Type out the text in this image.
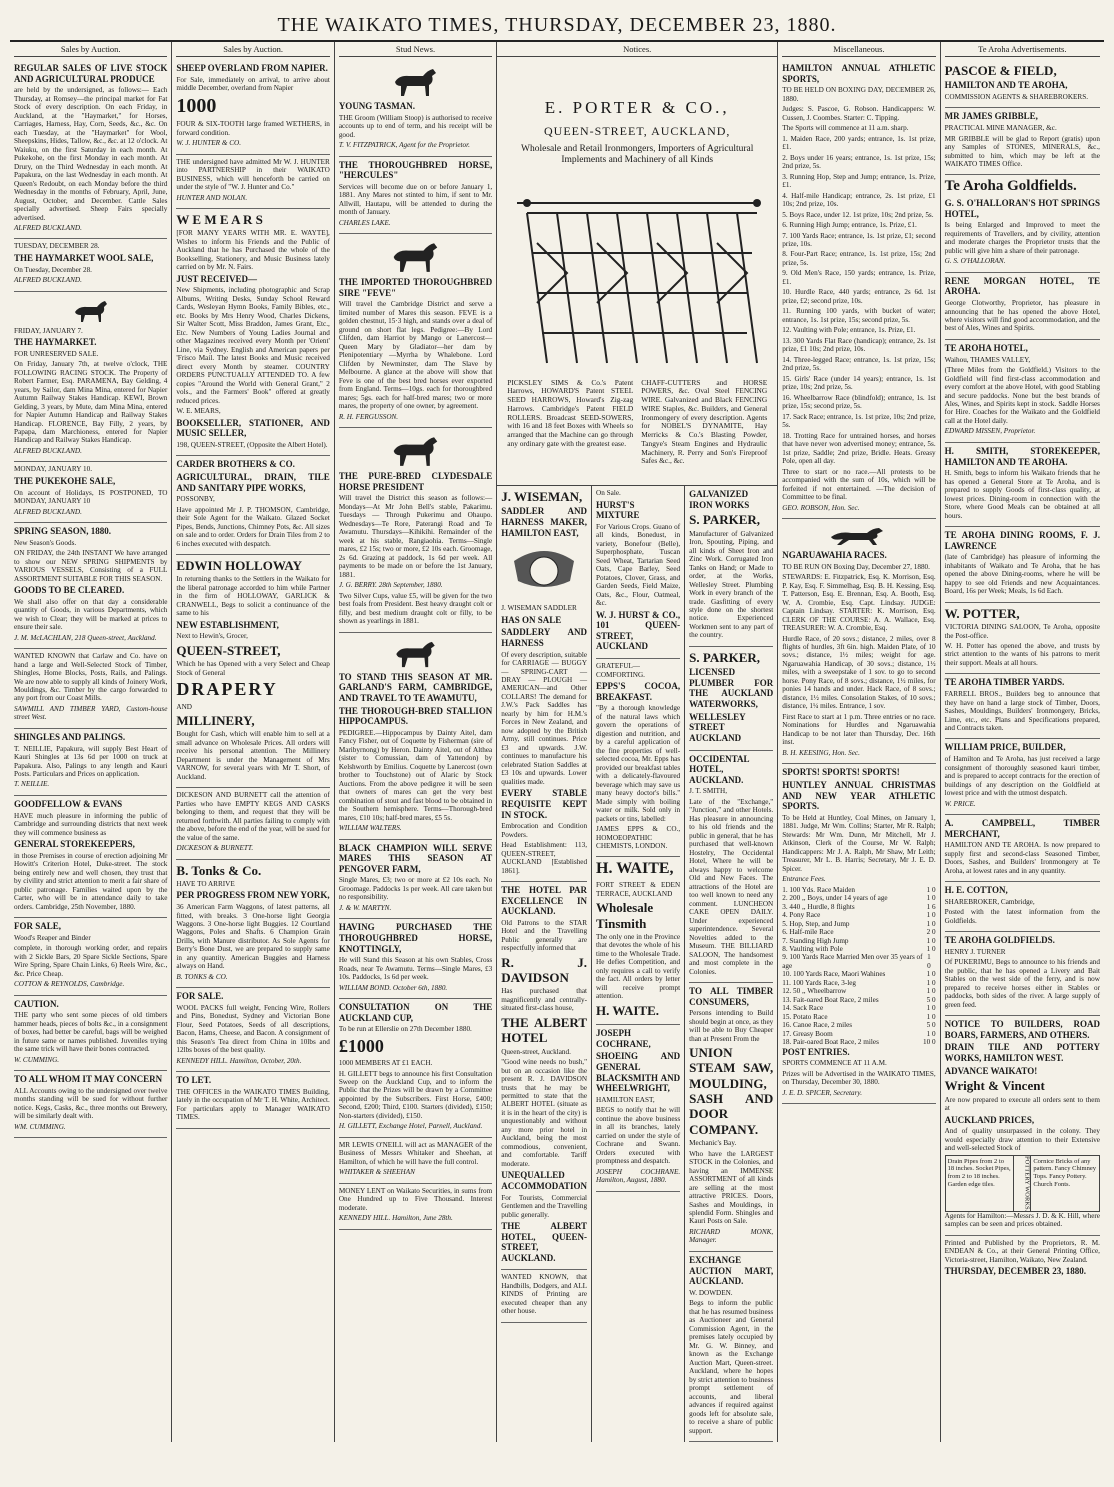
THE WAIKATO TIMES, THURSDAY, DECEMBER 23, 1880.
Sales by Auction.

REGULAR SALES OF LIVE STOCK AND AGRICULTURAL PRODUCE

are held by the undersigned, as follows:— Each Thursday, at Romsey—the principal market for Fat Stock of every description. On each Friday, in Auckland, at the "Haymarket," for Horses, Carriages, Harness, Hay, Corn, Seeds, &c., &c. On each Tuesday, at the "Haymarket" for Wool, Sheepskins, Hides, Tallow, &c., &c. at 12 o'clock. At Waiuku, on the first Saturday in each month. At Pukekohe, on the first Monday in each month. At Drury, on the Third Wednesday in each month. At Papakura, on the last Wednesday in each month. At Queen's Redoubt, on each Monday before the third Wednesday in the months of February, April, June, August, October, and December. Cattle Sales specially advertised. Sheep Fairs specially advertised.

ALFRED BUCKLAND.

TUESDAY, DECEMBER 28.

THE HAYMARKET WOOL SALE,

On Tuesday, December 28.

ALFRED BUCKLAND.

FRIDAY, JANUARY 7.

THE HAYMARKET.

FOR UNRESERVED SALE.

On Friday, January 7th, at twelve o'clock, THE FOLLOWING RACING STOCK. The Property of Robert Farmer, Esq. PARAMENA, Bay Gelding, 4 years, by Sailor, dam Mina Mina, entered for Napier Autumn Railway Stakes Handicap. KEWI, Brown Gelding, 3 years, by Mute, dam Mina Mina, entered for Napier Autumn Handicap and Railway Stakes Handicap. FLORENCE, Bay Filly, 2 years, by Papapa, dam Marchioness, entered for Napier Handicap and Railway Stakes Handicap.

ALFRED BUCKLAND.

MONDAY, JANUARY 10.

THE PUKEKOHE SALE,

On account of Holidays, IS POSTPONED, TO MONDAY, JANUARY 10

ALFRED BUCKLAND.

SPRING SEASON, 1880.

New Season's Goods.

ON FRIDAY, the 24th INSTANT We have arranged to show our NEW SPRING SHIPMENTS by VARIOUS VESSELS, Consisting of a FULL ASSORTMENT SUITABLE FOR THIS SEASON.

GOODS TO BE CLEARED.

We shall also offer on that day a considerable quantity of Goods, in various Departments, which we wish to Clear; they will be marked at prices to ensure their sale.

J. M. McLACHLAN, 218 Queen-street, Auckland.

WANTED KNOWN that Carlaw and Co. have on hand a large and Well-Selected Stock of Timber, Shingles, Home Blocks, Posts, Rails, and Palings. We are now able to supply all kinds of Joinery Work, Mouldings, &c. Timber by the cargo forwarded to any port from our Coast Mills.

SAWMILL AND TIMBER YARD, Custom-house street West.

SHINGLES AND PALINGS.

T. NEILLIE, Papakura, will supply Best Heart of Kauri Shingles at 13s 6d per 1000 on truck at Papakura. Also, Palings to any length and Kauri Posts. Particulars and Prices on application.

T. NEILLIE.

GOODFELLOW & EVANS

HAVE much pleasure in informing the public of Cambridge and surrounding districts that next week they will commence business as

GENERAL STOREKEEPERS,

in those Premises in course of erection adjoining Mr Howitt's Criterion Hotel, Duke-street. The stock being entirely new and well chosen, they trust that by civility and strict attention to merit a fair share of public patronage. Families waited upon by the Carter, who will be in attendance daily to take orders. Cambridge, 25th November, 1880.

FOR SALE,

Wood's Reaper and Binder

complete, in thorough working order, and repairs with 2 Sickle Bars, 20 Spare Sickle Sections, Spare Wire Spring, Spare Chain Links, 6) Reels Wire, &c., &c. Price Cheap.

COTTON & REYNOLDS, Cambridge.

CAUTION.

THE party who sent some pieces of old timbers hammer heads, pieces of bolts &c., in a consignment of boxes, had better be careful, bags will be weighed in future same or names published. Juveniles trying the same trick will have their bones contracted.

W. CUMMING.

TO ALL WHOM IT MAY CONCERN

ALL Accounts owing to the undersigned over twelve months standing will be sued for without further notice. Kegs, Casks, &c., three months out Brewery, will be similarly dealt with.

WM. CUMMING.

Sales by Auction.

SHEEP OVERLAND FROM NAPIER.

For Sale, immediately on arrival, to arrive about middle December, overland from Napier

1000

FOUR & SIX-TOOTH large framed WETHERS, in forward condition.

W. J. HUNTER & CO.

THE undersigned have admitted Mr W. J. HUNTER into PARTNERSHIP in their WAIKATO BUSINESS, which will henceforth be carried on under the style of "W. J. Hunter and Co."

HUNTER AND NOLAN.

W E M E A R S

[FOR MANY YEARS WITH MR. E. WAYTE], Wishes to inform his Friends and the Public of Auckland that he has Purchased the whole of the Bookselling, Stationery, and Music Business lately carried on by Mr. N. Fairs.

JUST RECEIVED—

New Shipments, including photographic and Scrap Albums, Writing Desks, Sunday School Reward Cards, Wesleyan Hymn Books, Family Bibles, etc., etc. Books by Mrs Henry Wood, Charles Dickens, Sir Walter Scott, Miss Braddon, James Grant, Etc., Etc. New Numbers of Young Ladies Journal and other Magazines received every Month per 'Orient' Line, via Sydney. English and American papers per 'Frisco Mail. The latest Books and Music received direct every Month by steamer. COUNTRY ORDERS PUNCTUALLY ATTENDED TO. A few copies "Around the World with General Grant," 2 vols., and the Farmers' Book" offered at greatly reduced prices.

W. E. MEARS,

BOOKSELLER, STATIONER, AND MUSIC SELLER,

198, QUEEN-STREET, (Opposite the Albert Hotel).

CARDER BROTHERS & CO.

AGRICULTURAL, DRAIN, TILE AND SANITARY PIPE WORKS,

POSSONBY,

Have appointed Mr J. P. THOMSON, Cambridge, their Sole Agent for the Waikato. Glazed Socket Pipes, Bends, Junctions, Chimney Pots, &c. All sizes on sale and to order. Orders for Drain Tiles from 2 to 6 inches executed with despatch.

EDWIN HOLLOWAY

In returning thanks to the Settlers in the Waikato for the liberal patronage accorded to him while Partner in the firm of HOLLOWAY, GARLICK & CRANWELL, Begs to solicit a continuance of the same to his

NEW ESTABLISHMENT,

Next to Hewin's, Grocer,

QUEEN-STREET,

Which he has Opened with a very Select and Cheap Stock of General

DRAPERY

AND

MILLINERY,

Bought for Cash, which will enable him to sell at a small advance on Wholesale Prices. All orders will receive his personal attention. The Millinery Department is under the Management of Mrs VARNOW, for several years with Mr T. Short, of Auckland.

DICKESON AND BURNETT call the attention of Parties who have EMPTY KEGS AND CASKS belonging to them, and request that they will be returned forthwith. All parties failing to comply with the above, before the end of the year, will be sued for the value of the same.

DICKESON & BURNETT.

B. Tonks & Co.

HAVE TO ARRIVE

PER PROGRESS FROM NEW YORK,

36 American Farm Waggons, of latest patterns, all fitted, with breaks. 3 One-horse light Georgia Waggons. 3 One-horse light Buggies. 12 Courtland Waggons, Poles and Shafts. 6 Champion Grain Drills, with Manure distributor. As Sole Agents for Berry's Bone Dust, we are prepared to supply same in any quantity. American Buggies and Harness always on Hand.

B. TONKS & CO.

FOR SALE.

WOOL PACKS full weight, Fencing Wire, Rollers and Pins, Bonedust, Sydney and Victorian Bone Flour, Seed Potatoes, Seeds of all descriptions, Bacon, Hams, Cheese, and Bacon. A consignment of this Season's Tea direct from China in 10lbs and 12lbs boxes of the best quality.

KENNEDY HILL. Hamilton, October, 20th.

TO LET.

THE OFFICES in the WAIKATO TIMES Building, lately in the occupation of Mr T. H. White, Architect. For particulars apply to Manager WAIKATO TIMES.

Stud News.

YOUNG TASMAN.

THE Groom (William Stoop) is authorised to receive accounts up to end of term, and his receipt will be good.

T. V. FITZPATRICK, Agent for the Proprietor.

THE THOROUGHBRED HORSE, "HERCULES"

Services will become due on or before January 1, 1881. Any Mares not stinted to him, if sent to Mr. Allwill, Hautapu, will be attended to during the month of January.

CHARLES LAKE.

THE IMPORTED THOROUGHBRED SIRE "FEVE"

Will travel the Cambridge District and serve a limited number of Mares this season. FEVE is a golden chestnut, 15·3 high, and stands over a deal of ground on short flat legs. Pedigree:—By Lord Clifden, dam Harriot by Mango or Lanercost—Queen Mary by Gladiator—her dam by Plenipotentiary —Myrrha by Whalebone. Lord Clifden by Newminster, dam The Slave by Melbourne. A glance at the above will show that Feve is one of the best bred horses ever exported from England. Terms—10gs. each for thoroughbred mares; 5gs. each for half-bred mares; two or more mares, the property of one owner, by agreement.

R. H. FERGUSSON.

THE PURE-BRED CLYDESDALE HORSE PRESIDENT

Will travel the District this season as follows:— Mondays—At Mr John Bell's stable, Pakarimu. Tuesdays — Through Pukerimu and Ohaupo. Wednesdays—Te Rore, Paterangi Road and Te Awamutu. Thursdays—Kihikihi. Remainder of the week at his stable, Rangiaohia. Terms—Single mares, £2 15s; two or more, £2 10s each. Groomage, 2s 6d. Grazing at paddock, 1s 6d per week. All payments to be made on or before the 1st January, 1881.

J. G. BERRY. 28th September, 1880.

Two Silver Cups, value £5, will be given for the two best foals from President. Best heavy draught colt or filly, and best medium draught colt or filly, to be shown as yearlings in 1881.

TO STAND THIS SEASON AT MR. GARLAND'S FARM, CAMBRIDGE, AND TRAVEL TO TE AWAMUTU,

THE THOROUGH-BRED STALLION HIPPOCAMPUS.

PEDIGREE.—Hippocampus by Dainty Aitel, dam Fancy Fisher, out of Coquette by Fisherman (sire of Maribyrnong) by Heron. Dainty Aitel, out of Althea (sister to Comussian, dam of Yattendon) by Kelshworth by Emilius. Coquette by Lanercost (own brother to Touchstone) out of Alaric by Stock Auctions. From the above pedigree it will be seen that owners of mares can get the very best combination of stout and fast blood to be obtained in the Southern hemisphere. Terms—Thorough-bred mares, £10 10s; half-bred mares, £5 5s.

WILLIAM WALTERS.

BLACK CHAMPION WILL SERVE MARES THIS SEASON AT PENGOVER FARM,

Single Mares, £3; two or more at £2 10s each. No Groomage. Paddocks 1s per week. All care taken but no responsibility.

J. & W. MARTYN.

HAVING PURCHASED THE THOROUGHBRED HORSE, KNOTTINGLY,

He will Stand this Season at his own Stables, Cross Roads, near Te Awamutu. Terms—Single Mares, £3 10s. Paddocks, 1s 6d per week.

WILLIAM BOND. October 6th, 1880.

CONSULTATION ON THE AUCKLAND CUP,

To be run at Ellerslie on 27th December 1880.

£1000

1000 MEMBERS AT £1 EACH.

H. GILLETT begs to announce his first Consultation Sweep on the Auckland Cup, and to inform the Public that the Prizes will be drawn by a Committee appointed by the Subscribers. First Horse, £400; Second, £200; Third, £100. Starters (divided), £150; Non-starters (divided), £150.

H. GILLETT, Exchange Hotel, Parnell, Auckland.

MR LEWIS O'NEILL will act as MANAGER of the Business of Messrs Whitaker and Sheehan, at Hamilton, of which he will have the full control.

WHITAKER & SHEEHAN

MONEY LENT on Waikato Securities, in sums from One Hundred up to Five Thousand. Interest moderate.

KENNEDY HILL. Hamilton, June 28th.

Notices.

E. PORTER & CO.,

QUEEN-STREET, AUCKLAND,

Wholesale and Retail Ironmongers, Importers of Agricultural Implements and Machinery of all Kinds

PICKSLEY SIMS & Co.'s Patent Harrows, HOWARD'S Patent STEEL SEED HARROWS, Howard's Zig-zag Harrows. Cambridge's Patent FIELD ROLLERS. Broadcast SEED-SOWERS, with 16 and 18 feet Boxes with Wheels so arranged that the Machine can go through any ordinary gate with the greatest ease.
CHAFF-CUTTERS and HORSE POWERS, &c. Oval Steel FENCING WIRE. Galvanized and Black FENCING WIRE Staples, &c. Builders, and General Ironmongery of every description. Agents for NOBEL'S DYNAMITE, Hay Merricks & Co.'s Blasting Powder, Tangye's Steam Engines and Hydraulic Machinery, R. Perry and Son's Fireproof Safes &c., &c.

J. WISEMAN,

SADDLER AND HARNESS MAKER, HAMILTON EAST,

J. WISEMAN SADDLER

HAS ON SALE

SADDLERY AND HARNESS

Of every description, suitable for CARRIAGE — BUGGY — SPRING-CART — DRAY — PLOUGH — AMERICAN—and Other COLLARS! The demand for J.W.'s Pack Saddles has nearly by him for H.M.'s Forces in New Zealand, and now adopted by the British Army, still continues. Price £3 and upwards. J.W. continues to manufacture his celebrated Station Saddles at £3 10s and upwards. Lower qualities made.

EVERY STABLE REQUISITE KEPT IN STOCK.

Embrocation and Condition Powders.

Head Establishment: 113, QUEEN-STREET, AUCKLAND [Established 1861].

THE HOTEL PAR EXCELLENCE IN AUCKLAND.

Old Patrons to the STAR Hotel and the Travelling Public generally are respectfully informed that

R. J. DAVIDSON

Has purchased that magnificently and centrally-situated first-class house,

THE ALBERT HOTEL

Queen-street, Auckland.

"Good wine needs no bush," but on an occasion like the present R. J. DAVIDSON trusts that he may be permitted to state that the ALBERT HOTEL (situate as it is in the heart of the city) is unquestionably and without any more prior hotel in Auckland, being the most commodious, convenient, and comfortable. Tariff moderate.

UNEQUALLED ACCOMMODATION

For Tourists, Commercial Gentlemen and the Travelling public generally.

THE ALBERT HOTEL, QUEEN-STREET, AUCKLAND.

WANTED KNOWN, that Handbills, Dodgers, and ALL KINDS of Printing are executed cheaper than any other house.

On Sale.

HURST'S MIXTURE

For Various Crops. Guano of all kinds, Bonedust, in variety, Bonefour (Belle), Superphosphate, Tuscan Seed Wheat, Tartarian Seed Oats, Cape Barley, Seed Potatoes, Clover, Grass, and Garden Seeds, Field Maize, Oats, &c., Flour, Oatmeal, &c.

W. J. HURST & CO., 101 QUEEN-STREET, AUCKLAND

GRATEFUL—COMFORTING.

EPPS'S COCOA, BREAKFAST.

"By a thorough knowledge of the natural laws which govern the operations of digestion and nutrition, and by a careful application of the fine properties of well-selected cocoa, Mr. Epps has provided our breakfast tables with a delicately-flavoured beverage which may save us many heavy doctor's bills." Made simply with boiling water or milk. Sold only in packets or tins, labelled:

JAMES EPPS & CO., HOMOEOPATHIC CHEMISTS, LONDON.

H. WAITE,

FORT STREET & EDEN TERRACE, AUCKLAND

Wholesale Tinsmith

The only one in the Province that devotes the whole of his time to the Wholesale Trade. He defies Competition, and only requires a call to verify the fact. All orders by letter will receive prompt attention.

H. WAITE.

JOSEPH COCHRANE,

SHOEING AND GENERAL BLACKSMITH AND WHEELWRIGHT,

HAMILTON EAST,

BEGS to notify that he will continue the above business in all its branches, lately carried on under the style of Cochrane and Swann. Orders executed with promptness and despatch.

JOSEPH COCHRANE. Hamilton, August, 1880.

GALVANIZED IRON WORKS

S. PARKER,

Manufacturer of Galvanized Iron, Spouting, Piping, and all kinds of Sheet Iron and Zinc Work. Corrugated Iron Tanks on Hand; or Made to order, at the Works, Wellesley Street. Plumbing Work in every branch of the trade. Gasfitting of every style done on the shortest notice. Experienced Workmen sent to any part of the country.

S. PARKER,

LICENSED PLUMBER FOR THE AUCKLAND WATERWORKS,

WELLESLEY STREET AUCKLAND

OCCIDENTAL HOTEL, AUCKLAND.

J. T. SMITH,

Late of the "Exchange," "Junction," and other Hotels. Has pleasure in announcing to his old friends and the public in general, that he has purchased that well-known Hostelry, The Occidental Hotel, Where he will be always happy to welcome Old and New Faces. The attractions of the Hotel are too well known to need any comment. LUNCHEON CAKE OPEN DAILY. Under experienced superintendence. Several Novelties added to the Museum. THE BILLIARD SALOON, The handsomest and most complete in the Colonies.

TO ALL TIMBER CONSUMERS,

Persons intending to Build should begin at once, as they will be able to Buy Cheaper than at Present From the

UNION STEAM SAW, MOULDING, SASH AND DOOR COMPANY.

Mechanic's Bay.

Who have the LARGEST STOCK in the Colonies, and having an IMMENSE ASSORTMENT of all kinds are selling at the most attractive PRICES. Doors, Sashes and Mouldings, in splendid Form. Shingles and Kauri Posts on Sale.

RICHARD MONK, Manager.

EXCHANGE AUCTION MART, AUCKLAND.

W. DOWDEN.

Begs to inform the public that he has resumed business as Auctioneer and General Commission Agent, in the premises lately occupied by Mr. G. W. Binney, and known as the Exchange Auction Mart, Queen-street. Auckland, where he hopes by strict attention to business prompt settlement of accounts, and liberal advances if required against goods left for absolute sale, to receive a share of public support.

Miscellaneous.

HAMILTON ANNUAL ATHLETIC SPORTS,

TO BE HELD ON BOXING DAY, DECEMBER 26, 1880.

Judges: S. Pascoe, G. Robson. Handicappers: W. Cussen, J. Coombes. Starter: C. Tipping.

The Sports will commence at 11 a.m. sharp.

1. Maiden Race, 200 yards; entrance, 1s. 1st prize, £1.

2. Boys under 16 years; entrance, 1s. 1st prize, 15s; 2nd prize, 5s.

3. Running Hop, Step and Jump; entrance, 1s. Prize, £1.

4. Half-mile Handicap; entrance, 2s. 1st prize, £1 10s; 2nd prize, 10s.

5. Boys Race, under 12. 1st prize, 10s; 2nd prize, 5s.

6. Running High Jump; entrance, 1s. Prize, £1.

7. 100 Yards Race; entrance, 1s. 1st prize, £1; second prize, 10s.

8. Four-Part Race; entrance, 1s. 1st prize, 15s; 2nd prize, 5s.

9. Old Men's Race, 150 yards; entrance, 1s. Prize, £1.

10. Hurdle Race, 440 yards; entrance, 2s 6d. 1st prize, £2; second prize, 10s.

11. Running 100 yards, with bucket of water; entrance, 1s. 1st prize, 15s; second prize, 5s.

12. Vaulting with Pole; entrance, 1s. Prize, £1.

13. 300 Yards Flat Race (handicap); entrance, 2s. 1st prize, £1 10s; 2nd prize, 10s.

14. Three-legged Race; entrance, 1s. 1st prize, 15s; 2nd prize, 5s.

15. Girls' Race (under 14 years); entrance, 1s. 1st prize, 10s; 2nd prize, 5s.

16. Wheelbarrow Race (blindfold); entrance, 1s. 1st prize, 15s; second prize, 5s.

17. Sack Race; entrance, 1s. 1st prize, 10s; 2nd prize, 5s.

18. Trotting Race for untrained horses, and horses that have never won advertised money; entrance, 5s. 1st prize, Saddle; 2nd prize, Bridle. Heats. Greasy Pole, open all day.

Three to start or no race.—All protests to be accompanied with the sum of 10s, which will be forfeited if not entertained. —The decision of Committee to be final.

GEO. ROBSON, Hon. Sec.

NGARUAWAHIA RACES.

TO BE RUN ON Boxing Day, December 27, 1880.

STEWARDS: E. Fitzpatrick, Esq. K. Morrison, Esq. P. Kay, Esq. F. Simmelhag, Esq. B. H. Kessing, Esq. T. Patterson, Esq. E. Brennan, Esq. A. Booth, Esq. W. A. Crombie, Esq. Capt. Lindsay. JUDGE: Captain Lindsay. STARTER: K. Morrison, Esq. CLERK OF THE COURSE: A. A. Wallace, Esq. TREASURER: W. A. Crombie, Esq.

Hurdle Race, of 20 sovs.; distance, 2 miles, over 8 flights of hurdles, 3ft 6in. high. Maiden Plate, of 10 sovs.; distance, 1½ miles; weight for age. Ngaruawahia Handicap, of 30 sovs.; distance, 1½ miles, with a sweepstake of 1 sov. to go to second horse. Pony Race, of 8 sovs.; distance, 1½ miles, for ponies 14 hands and under. Hack Race, of 8 sovs.; distance, 1½ miles. Consolation Stakes, of 10 sovs.; distance, 1¼ miles. Entrance, 1 sov.

First Race to start at 1 p.m. Three entries or no race. Nominations for Hurdles and Ngaruawahia Handicap to be not later than Thursday, Dec. 16th inst.

B. H. KEESING, Hon. Sec.

SPORTS! SPORTS! SPORTS!

HUNTLEY ANNUAL CHRISTMAS AND NEW YEAR ATHLETIC SPORTS.

To be Held at Huntley, Coal Mines, on January 1, 1881. Judge, Mr Wm. Collins; Starter, Mr R. Ralph; Stewards: Mr Wm. Dunn, Mr Mitchell, Mr J. Atkinson, Clerk of the Course, Mr W. Ralph; Handicappers: Mr J. A. Ralph, Mr Shaw, Mr Leith; Treasurer, Mr L. B. Harris; Secretary, Mr J. E. D. Spicer.

Entrance Fees.

1. 100 Yds. Race Maiden	1 0
2. 200 ,, Boys, under 14 years of age	1 0
3. 440 ,, Hurdle, 8 flights	1 6
4. Pony Race	1 0
5. Hop, Step, and Jump	1 0
6. Half-mile Race	2 0
7. Standing High Jump	1 0
8. Vaulting with Pole	1 0
9. 100 Yards Race Married Men over 35 years of age
1 0
10. 100 Yards Race, Maori Wahines	1 0
11. 100 Yards Race, 3-leg	1 0
12. 50 ,, Wheelbarrow	1 0
13. Fait-oared Boat Race, 2 miles	5 0
14. Sack Race	1 0
15. Potato Race	1 0
16. Canoe Race, 2 miles	5 0
17. Greasy Boom	1 0
18. Pair-oared Boat Race, 2 miles	10 0

POST ENTRIES.

SPORTS COMMENCE AT 11 A.M.

Prizes will be Advertised in the WAIKATO TIMES, on Thursday, December 30, 1880.

J. E. D. SPICER, Secretary.

Te Aroha Advertisements.

PASCOE & FIELD,

HAMILTON AND TE AROHA,

COMMISSION AGENTS & SHAREBROKERS.

MR JAMES GRIBBLE,

PRACTICAL MINE MANAGER, &c.

MR GRIBBLE will be glad to Report (gratis) upon any Samples of STONES, MINERALS, &c., submitted to him, which may be left at the WAIKATO TIMES Office.

Te Aroha Goldfields.

G. S. O'HALLORAN'S HOT SPRINGS HOTEL,

Is being Enlarged and Improved to meet the requirements of Travellers, and by civility, attention and moderate charges the Proprietor trusts that the public will give him a share of their patronage.

G. S. O'HALLORAN.

RENE MORGAN HOTEL, TE AROHA.

George Clotworthy, Proprietor, has pleasure in announcing that he has opened the above Hotel, where visitors will find good accommodation, and the best of Ales, Wines and Spirits.

TE AROHA HOTEL,

Waihou, THAMES VALLEY,

(Three Miles from the Goldfield.) Visitors to the Goldfield will find first-class accommodation and every comfort at the above Hotel, with good Stabling and secure paddocks. None but the best brands of Ales, Wines, and Spirits kept in stock. Saddle Horses for Hire. Coaches for the Waikato and the Goldfield call at the Hotel daily.

EDWARD MISSEN, Proprietor.

H. SMITH, STOREKEEPER, HAMILTON AND TE AROHA.

H. Smith, begs to inform his Waikato friends that he has opened a General Store at Te Aroha, and is prepared to supply Goods of first-class quality, at lowest prices. Dining-room in connection with the Store, where Good Meals can be obtained at all hours.

TE AROHA DINING ROOMS, F. J. LAWRENCE

(late of Cambridge) has pleasure of informing the inhabitants of Waikato and Te Aroha, that he has opened the above Dining-rooms, where he will be happy to see old Friends and new Acquaintances. Board, 16s per Week; Meals, 1s 6d Each.

W. POTTER,

VICTORIA DINING SALOON, Te Aroha, opposite the Post-office.

W. H. Potter has opened the above, and trusts by strict attention to the wants of his patrons to merit their support. Meals at all hours.

TE AROHA TIMBER YARDS.

FARRELL BROS., Builders beg to announce that they have on hand a large stock of Timber, Doors, Sashes, Mouldings, Builders' Ironmongery, Bricks, Lime, etc., etc. Plans and Specifications prepared, and Contracts taken.

WILLIAM PRICE, BUILDER,

of Hamilton and Te Aroha, has just received a large consignment of thoroughly seasoned kauri timber, and is prepared to accept contracts for the erection of buildings of any description on the Goldfield at lowest price and with the utmost despatch.

W. PRICE.

A. CAMPBELL, TIMBER MERCHANT,

HAMILTON AND TE AROHA. Is now prepared to supply first and second-class Seasoned Timber, Doors, Sashes, and Builders' Ironmongery at Te Aroha, at lowest rates and in any quantity.

H. E. COTTON,

SHAREBROKER, Cambridge,

Posted with the latest information from the Goldfields.

TE AROHA GOLDFIELDS.

HENRY J. TURNER

Of PUKERIMU, Begs to announce to his friends and the public, that he has opened a Livery and Bait Stables on the west side of the ferry, and is now prepared to receive horses either in Stables or paddocks, both sides of the river. A large supply of green feed.

NOTICE TO BUILDERS, ROAD BOARS, FARMERS, AND OTHERS.

DRAIN TILE AND POTTERY WORKS, HAMILTON WEST.

ADVANCE WAIKATO!

Wright & Vincent

Are now prepared to execute all orders sent to them at

AUCKLAND PRICES,

And of quality unsurpassed in the colony. They would especially draw attention to their Extensive and well-selected Stock of

Drain Pipes from 2 to 18 inches. Socket Pipes, from 2 to 18 inches. Garden edge tiles.	POTTERY WORKS. Cornice Bricks of any pattern. Fancy Chimney Tops. Fancy Pottery. Church Fonts.

Agents for Hamilton:—Messrs J. D. & K. Hill, where samples can be seen and prices obtained.

Printed and Published by the Proprietors, R. M. ENDEAN & Co., at their General Printing Office, Victoria-street, Hamilton, Waikato, New Zealand.

THURSDAY, DECEMBER 23, 1880.
